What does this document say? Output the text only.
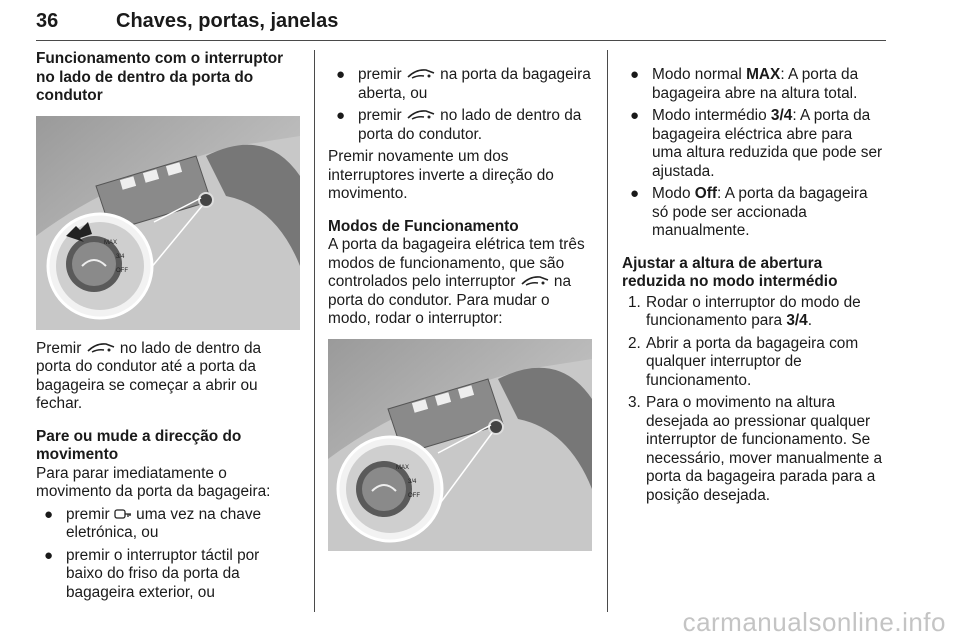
36	Chaves, portas, janelas
Funcionamento com o interruptor no lado de dentro da porta do condutor
MAX
3/4
OFF

Premir  no lado de dentro da porta do condutor até a porta da bagageira se começar a abrir ou fechar.

Pare ou mude a direcção do movimento

Para parar imediatamente o movimento da porta da bagageira:

● premir  uma vez na chave eletrónica, ou
● premir o interruptor táctil por baixo do friso da porta da bagageira exterior, ou
● premir  na porta da bagageira aberta, ou
● premir  no lado de dentro da porta do condutor.

Premir novamente um dos interruptores inverte a direção do movimento.

Modos de Funcionamento

A porta da bagageira elétrica tem três modos de funcionamento, que são controlados pelo interruptor  na porta do condutor. Para mudar o modo, rodar o interruptor:

MAX
3/4
OFF
● Modo normal MAX: A porta da bagageira abre na altura total.
● Modo intermédio 3/4: A porta da bagageira eléctrica abre para uma altura reduzida que pode ser ajustada.
● Modo Off: A porta da bagageira só pode ser accionada manualmente.
Ajustar a altura de abertura reduzida no modo intermédio
1. Rodar o interruptor do modo de funcionamento para 3/4.
2. Abrir a porta da bagageira com qualquer interruptor de funcionamento.
3. Para o movimento na altura desejada ao pressionar qualquer interruptor de funcionamento. Se necessário, mover manualmente a porta da bagageira parada para a posição desejada.
carmanualsonline.info
